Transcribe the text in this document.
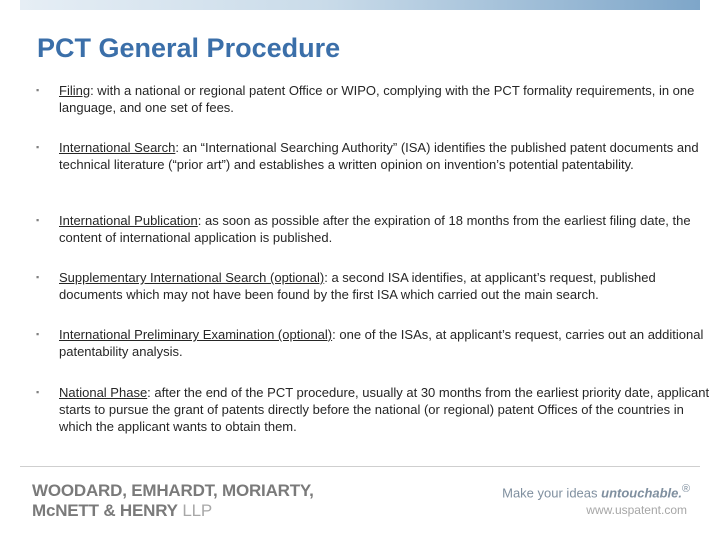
PCT General Procedure
▪ Filing: with a national or regional patent Office or WIPO, complying with the PCT formality requirements, in one language, and one set of fees.
▪ International Search: an “International Searching Authority” (ISA) identifies the published patent documents and technical literature (“prior art”) and establishes a written opinion on invention’s potential patentability.
▪ International Publication: as soon as possible after the expiration of 18 months from the earliest filing date, the content of international application is published.
▪ Supplementary International Search (optional): a second ISA identifies, at applicant’s request, published documents which may not have been found by the first ISA which carried out the main search.
▪ International Preliminary Examination (optional): one of the ISAs, at applicant’s request, carries out an additional patentability analysis.
▪ National Phase: after the end of the PCT procedure, usually at 30 months from the earliest priority date, applicant starts to pursue the grant of patents directly before the national (or regional) patent Offices of the countries in which the applicant wants to obtain them.
WOODARD, EMHARDT, MORIARTY,
McNETT & HENRY LLP
Make your ideas untouchable.®
www.uspatent.com
